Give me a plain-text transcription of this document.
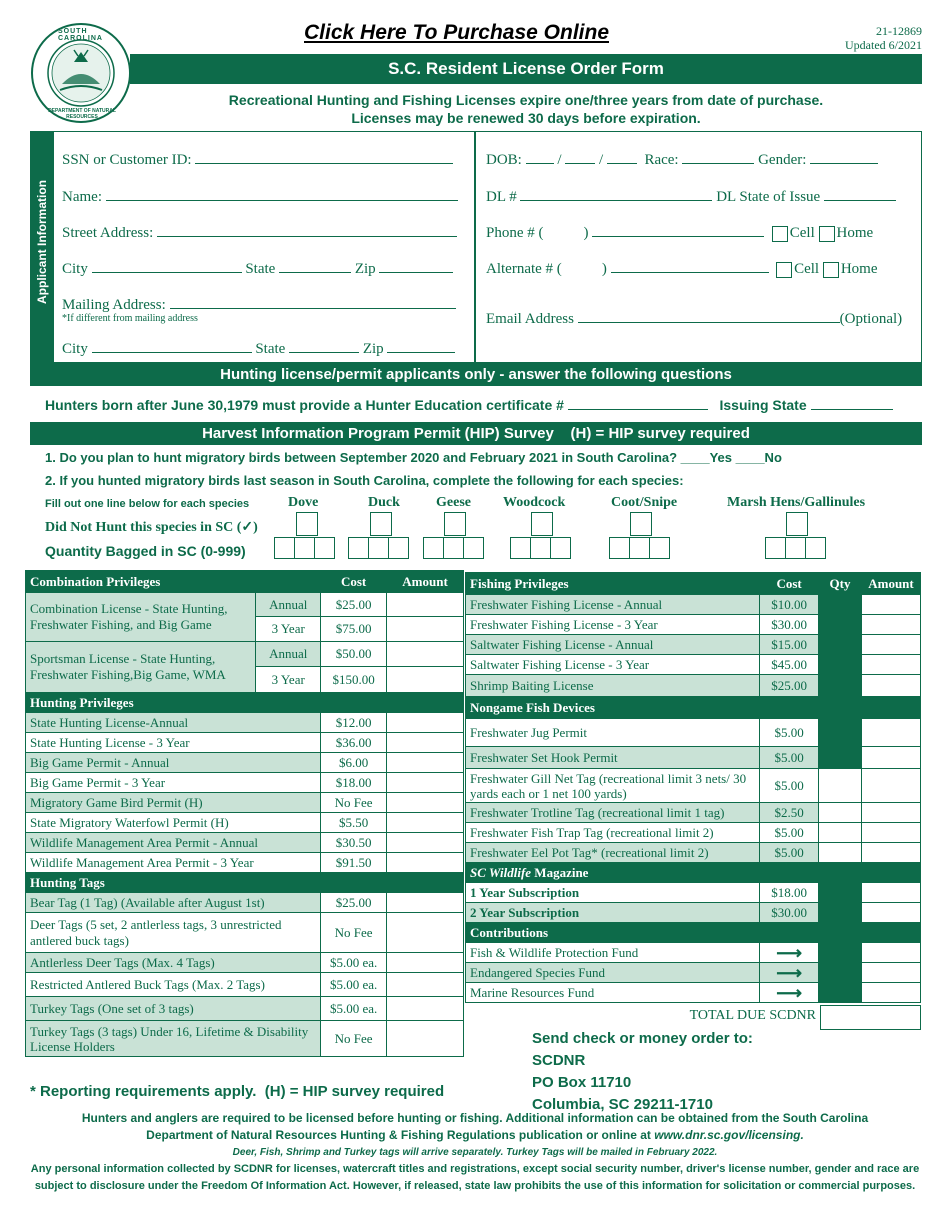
SOUTH CAROLINA
DEPARTMENT OF NATURAL RESOURCES
Click Here To Purchase Online	21-12869
Updated 6/2021
S.C. Resident License Order Form
Recreational Hunting and Fishing Licenses expire one/three years from date of purchase.
Licenses may be renewed 30 days before expiration.
Applicant Information
SSN or Customer ID:
Name:
Street Address:
City	State	Zip
Mailing Address:
*If different from mailing address
City	State	Zip
DOB: /	/	Race:	Gender:
DL #	DL State of Issue
Phone # (	)	Cell Home
Alternate # (	)	Cell Home
Email Address	(Optional)
Hunting license/permit applicants only - answer the following questions
Hunters born after June 30,1979 must provide a Hunter Education certificate #	Issuing State
Harvest Information Program Permit (HIP) Survey    (H) = HIP survey required
1. Do you plan to hunt migratory birds between September 2020 and February 2021 in South Carolina? ____Yes ____No
2. If you hunted migratory birds last season in South Carolina, complete the following for each species:
Fill out one line below for each species
Did Not Hunt this species in SC (✓)
Quantity Bagged in SC (0-999)
Dove	Duck	Geese Woodcock	Coot/Snipe	Marsh Hens/Gallinules
Combination Privileges		Cost	Amount
Combination License - State Hunting, Freshwater Fishing, and Big Game	Annual	$25.00	
	3 Year	$75.00	
Sportsman License - State Hunting, Freshwater Fishing,Big Game, WMA	Annual	$50.00	
	3 Year	$150.00	
Hunting Privileges			
State Hunting License-Annual		$12.00	
State Hunting License - 3 Year		$36.00	
Big Game Permit - Annual		$6.00	
Big Game Permit - 3 Year		$18.00	
Migratory Game Bird Permit (H)		No Fee	
State Migratory Waterfowl Permit (H)		$5.50	
Wildlife Management Area Permit - Annual		$30.50	
Wildlife Management Area Permit - 3 Year		$91.50	
Hunting Tags			
Bear Tag (1 Tag) (Available after August 1st)		$25.00	
Deer Tags (5 set, 2 antlerless tags, 3 unrestricted antlered buck tags)		No Fee	
Antlerless Deer Tags (Max. 4 Tags)		$5.00 ea.	
Restricted Antlered Buck Tags (Max. 2 Tags)		$5.00 ea.	
Turkey Tags (One set of 3 tags)		$5.00 ea.	
Turkey Tags (3 tags) Under 16, Lifetime & Disability License Holders		No Fee	
Fishing Privileges	Cost	Qty	Amount
Freshwater Fishing License - Annual	$10.00		
Freshwater Fishing License - 3 Year	$30.00		
Saltwater Fishing License - Annual	$15.00		
Saltwater Fishing License - 3 Year	$45.00		
Shrimp Baiting License	$25.00		
Nongame Fish Devices			
Freshwater Jug Permit	$5.00		
Freshwater Set Hook Permit	$5.00		
Freshwater Gill Net Tag (recreational limit 3 nets/ 30 yards each or 1 net 100 yards)	$5.00		
Freshwater Trotline Tag (recreational limit 1 tag)	$2.50		
Freshwater Fish Trap Tag (recreational limit 2)	$5.00		
Freshwater Eel Pot Tag* (recreational limit 2)	$5.00		
SC Wildlife Magazine			
1 Year Subscription	$18.00		
2 Year Subscription	$30.00		
Contributions			
Fish & Wildlife Protection Fund	⟶		
Endangered Species Fund	⟶		
Marine Resources Fund	⟶		
TOTAL DUE SCDNR
Send check or money order to:
SCDNR
PO Box 11710
Columbia, SC 29211-1710
* Reporting requirements apply.  (H) = HIP survey required
Hunters and anglers are required to be licensed before hunting or fishing. Additional information can be obtained from the South Carolina
Department of Natural Resources Hunting & Fishing Regulations publication or online at www.dnr.sc.gov/licensing.
Deer, Fish, Shrimp and Turkey tags will arrive separately. Turkey Tags will be mailed in February 2022.
Any personal information collected by SCDNR for licenses, watercraft titles and registrations, except social security number, driver's license number, gender and race are
subject to disclosure under the Freedom Of Information Act. However, if released, state law prohibits the use of this information for solicitation or commercial purposes.
